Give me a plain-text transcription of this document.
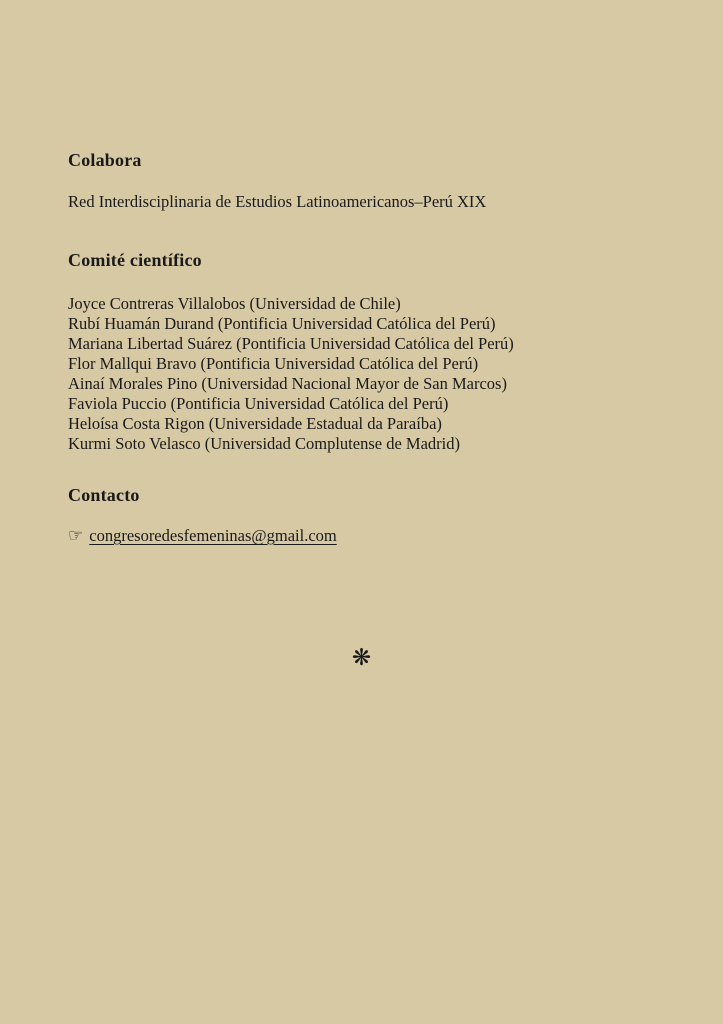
Colabora
Red Interdisciplinaria de Estudios Latinoamericanos–Perú XIX
Comité científico
Joyce Contreras Villalobos (Universidad de Chile)
Rubí Huamán Durand (Pontificia Universidad Católica del Perú)
Mariana Libertad Suárez (Pontificia Universidad Católica del Perú)
Flor Mallqui Bravo (Pontificia Universidad Católica del Perú)
Ainaí Morales Pino (Universidad Nacional Mayor de San Marcos)
Faviola Puccio (Pontificia Universidad Católica del Perú)
Heloísa Costa Rigon (Universidade Estadual da Paraíba)
Kurmi Soto Velasco (Universidad Complutense de Madrid)
Contacto
☞ congresoredesfemeninas@gmail.com
❋
